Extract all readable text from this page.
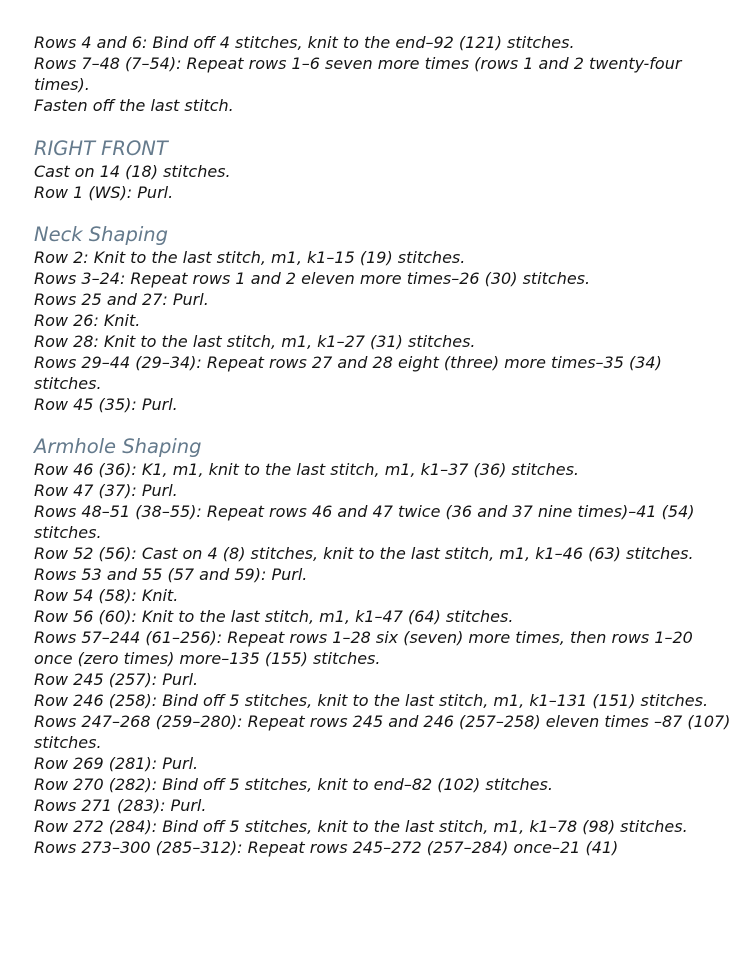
Rows 4 and 6: Bind off 4 stitches, knit to the end–92 (121) stitches.

Rows 7–48 (7–54): Repeat rows 1–6 seven more times (rows 1 and 2 twenty-four times).

Fasten off the last stitch.

RIGHT FRONT

Cast on 14 (18) stitches.

Row 1 (WS): Purl.

Neck Shaping

Row 2: Knit to the last stitch, m1, k1–15 (19) stitches.

Rows 3–24: Repeat rows 1 and 2 eleven more times–26 (30) stitches.

Rows 25 and 27: Purl.

Row 26: Knit.

Row 28: Knit to the last stitch, m1, k1–27 (31) stitches.

Rows 29–44 (29–34): Repeat rows 27 and 28 eight (three) more times–35 (34) stitches.

Row 45 (35): Purl.

Armhole Shaping

Row 46 (36): K1, m1, knit to the last stitch, m1, k1–37 (36) stitches.

Row 47 (37): Purl.

Rows 48–51 (38–55): Repeat rows 46 and 47 twice (36 and 37 nine times)–41 (54) stitches.

Row 52 (56): Cast on 4 (8) stitches, knit to the last stitch, m1, k1–46 (63) stitches.

Rows 53 and 55 (57 and 59): Purl.

Row 54 (58): Knit.

Row 56 (60): Knit to the last stitch, m1, k1–47 (64) stitches.

Rows 57–244 (61–256): Repeat rows 1–28 six (seven) more times, then rows 1–20 once (zero times) more–135 (155) stitches.

Row 245 (257): Purl.

Row 246 (258): Bind off 5 stitches, knit to the last stitch, m1, k1–131 (151) stitches.

Rows 247–268 (259–280): Repeat rows 245 and 246 (257–258) eleven times –87 (107) stitches.

Row 269 (281): Purl.

Row 270 (282): Bind off 5 stitches, knit to end–82 (102) stitches.

Rows 271 (283): Purl.

Row 272 (284): Bind off 5 stitches, knit to the last stitch, m1, k1–78 (98) stitches.

Rows 273–300 (285–312): Repeat rows 245–272 (257–284) once–21 (41)
